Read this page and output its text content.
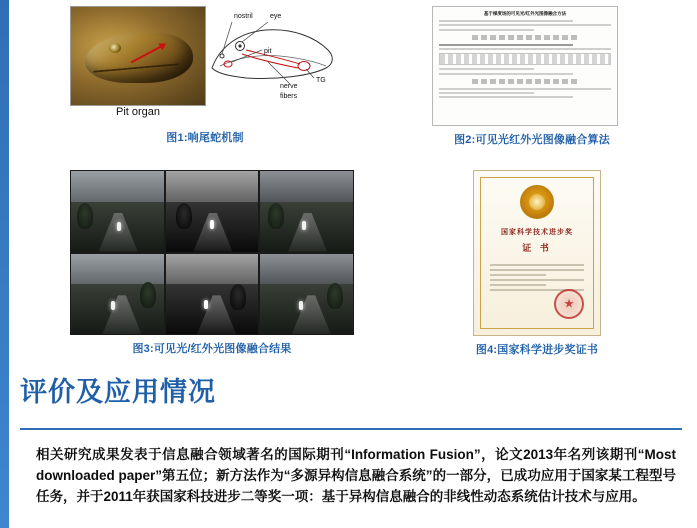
nostril eye
pit
nerve
fibers
TG
Pit organ
图1:响尾蛇机制
基于梯度场的可见光/红外光图像融合方法
图2:可见光红外光图像融合算法
图3:可见光/红外光图像融合结果
国家科学技术进步奖
证 书
★
图4:国家科学进步奖证书
评价及应用情况
相关研究成果发表于信息融合领域著名的国际期刊“Information Fusion”，论文2013年名列该期刊“Most downloaded paper”第五位；新方法作为“多源异构信息融合系统”的一部分，已成功应用于国家某工程型号任务，并于2011年获国家科技进步二等奖一项：基于异构信息融合的非线性动态系统估计技术与应用。
